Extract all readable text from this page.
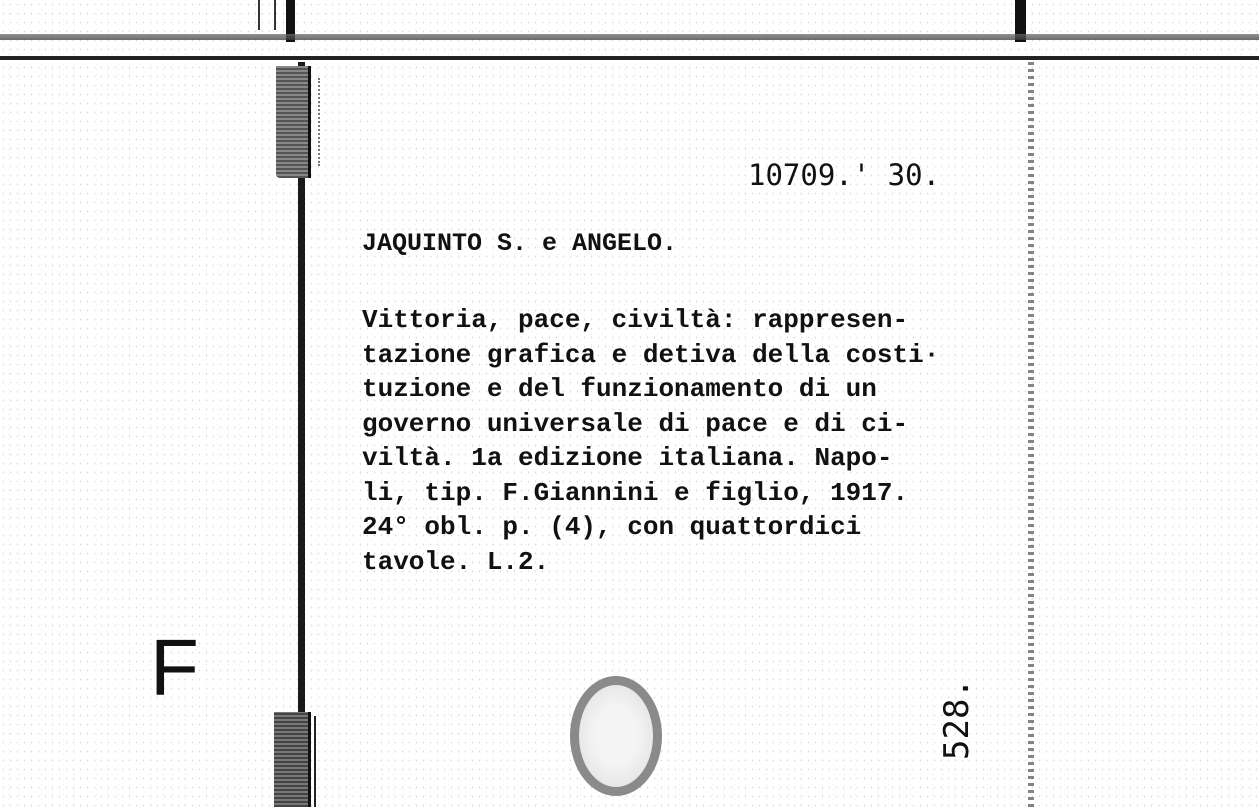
10709.' 30.
JAQUINTO S. e ANGELO.
Vittoria, pace, civiltà: rappresen-
tazione grafica e detiva della costi·
tuzione e del funzionamento di un
governo universale di pace e di ci-
viltà. 1a edizione italiana. Napo-
li, tip. F.Giannini e figlio, 1917.
24° obl. p. (4), con quattordici
tavole. L.2.
F
528.
